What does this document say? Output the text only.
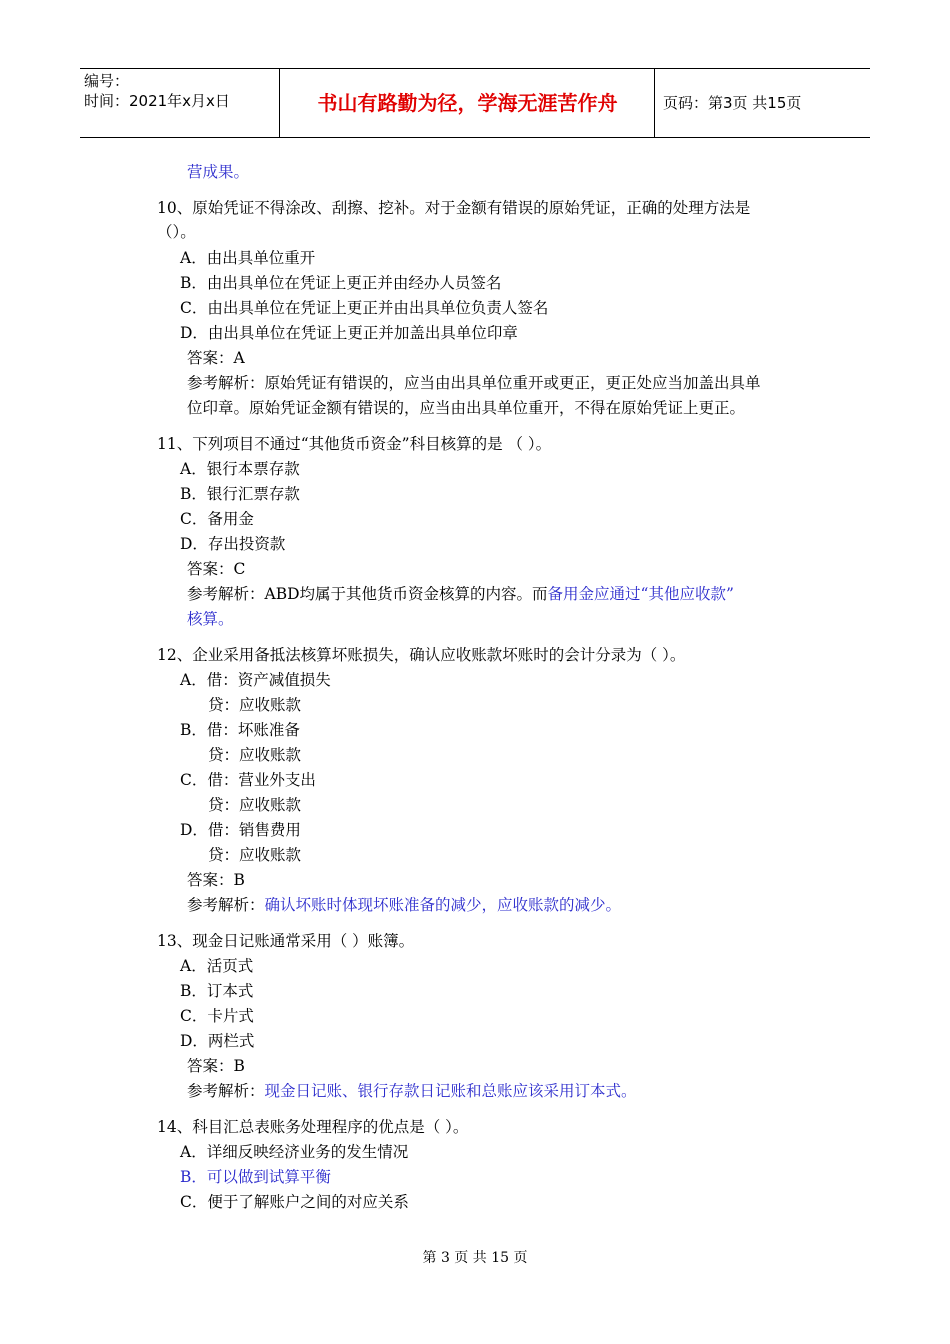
编号：
时间：2021年x月x日	书山有路勤为径，学海无涯苦作舟	页码：第3页 共15页
营成果。
10、原始凭证不得涂改、刮擦、挖补。对于金额有错误的原始凭证，正确的处理方法是
（）。
A．由出具单位重开
B．由出具单位在凭证上更正并由经办人员签名
C．由出具单位在凭证上更正并由出具单位负责人签名
D．由出具单位在凭证上更正并加盖出具单位印章
答案：A
参考解析：原始凭证有错误的，应当由出具单位重开或更正，更正处应当加盖出具单
位印章。原始凭证金额有错误的，应当由出具单位重开，不得在原始凭证上更正。
11、下列项目不通过“其他货币资金”科目核算的是 （ ）。
A．银行本票存款
B．银行汇票存款
C．备用金
D．存出投资款
答案：C
参考解析：ABD均属于其他货币资金核算的内容。而备用金应通过“其他应收款”
核算。
12、企业采用备抵法核算坏账损失，确认应收账款坏账时的会计分录为（ ）。
A．借：资产减值损失
贷：应收账款
B．借：坏账准备
贷：应收账款
C．借：营业外支出
贷：应收账款
D．借：销售费用
贷：应收账款
答案：B
参考解析：确认坏账时体现坏账准备的减少，应收账款的减少。
13、现金日记账通常采用（ ）账簿。
A．活页式
B．订本式
C．卡片式
D．两栏式
答案：B
参考解析：现金日记账、银行存款日记账和总账应该采用订本式。
14、科目汇总表账务处理程序的优点是（ ）。
A．详细反映经济业务的发生情况
B．可以做到试算平衡
C．便于了解账户之间的对应关系
第 3 页 共 15 页
